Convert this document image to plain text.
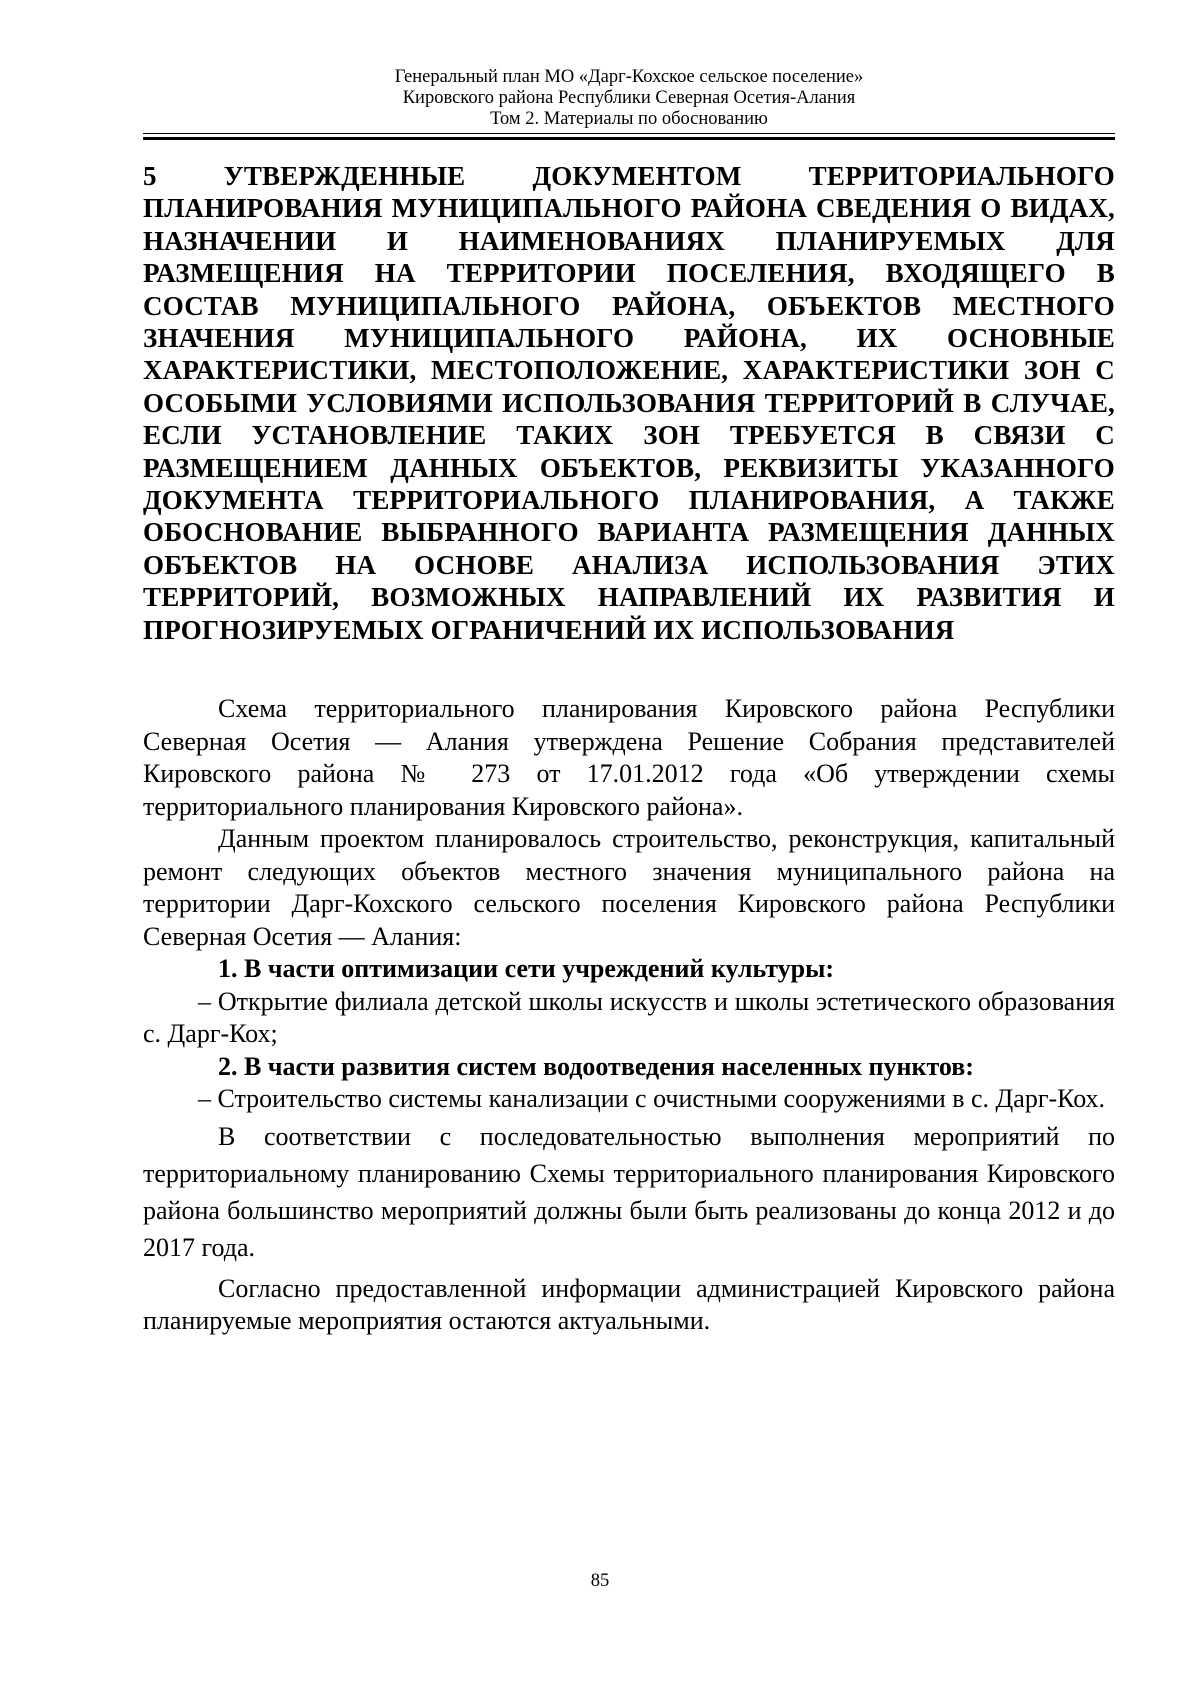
Генеральный план МО «Дарг-Кохское сельское поселение»
Кировского района Республики Северная Осетия-Алания
Том 2. Материалы по обоснованию
5 УТВЕРЖДЕННЫЕ ДОКУМЕНТОМ ТЕРРИТОРИАЛЬНОГО ПЛАНИРОВАНИЯ МУНИЦИПАЛЬНОГО РАЙОНА СВЕДЕНИЯ О ВИДАХ, НАЗНАЧЕНИИ И НАИМЕНОВАНИЯХ ПЛАНИРУЕМЫХ ДЛЯ РАЗМЕЩЕНИЯ НА ТЕРРИТОРИИ ПОСЕЛЕНИЯ, ВХОДЯЩЕГО В СОСТАВ МУНИЦИПАЛЬНОГО РАЙОНА, ОБЪЕКТОВ МЕСТНОГО ЗНАЧЕНИЯ МУНИЦИПАЛЬНОГО РАЙОНА, ИХ ОСНОВНЫЕ ХАРАКТЕРИСТИКИ, МЕСТОПОЛОЖЕНИЕ, ХАРАКТЕРИСТИКИ ЗОН С ОСОБЫМИ УСЛОВИЯМИ ИСПОЛЬЗОВАНИЯ ТЕРРИТОРИЙ В СЛУЧАЕ, ЕСЛИ УСТАНОВЛЕНИЕ ТАКИХ ЗОН ТРЕБУЕТСЯ В СВЯЗИ С РАЗМЕЩЕНИЕМ ДАННЫХ ОБЪЕКТОВ, РЕКВИЗИТЫ УКАЗАННОГО ДОКУМЕНТА ТЕРРИТОРИАЛЬНОГО ПЛАНИРОВАНИЯ, А ТАКЖЕ ОБОСНОВАНИЕ ВЫБРАННОГО ВАРИАНТА РАЗМЕЩЕНИЯ ДАННЫХ ОБЪЕКТОВ НА ОСНОВЕ АНАЛИЗА ИСПОЛЬЗОВАНИЯ ЭТИХ ТЕРРИТОРИЙ, ВОЗМОЖНЫХ НАПРАВЛЕНИЙ ИХ РАЗВИТИЯ И ПРОГНОЗИРУЕМЫХ ОГРАНИЧЕНИЙ ИХ ИСПОЛЬЗОВАНИЯ

Схема территориального планирования Кировского района Республики Северная Осетия — Алания утверждена Решение Собрания представителей Кировского района № 273 от 17.01.2012 года «Об утверждении схемы территориального планирования Кировского района».

Данным проектом планировалось строительство, реконструкция, капитальный ремонт следующих объектов местного значения муниципального района на территории Дарг-Кохского сельского поселения Кировского района Республики Северная Осетия — Алания:

1. В части оптимизации сети учреждений культуры:

– Открытие филиала детской школы искусств и школы эстетического образования с. Дарг-Кох;

2. В части развития систем водоотведения населенных пунктов:

– Строительство системы канализации с очистными сооружениями в с. Дарг-Кох.

В соответствии с последовательностью выполнения мероприятий по территориальному планированию Схемы территориального планирования Кировского района большинство мероприятий должны были быть реализованы до конца 2012 и до 2017 года.

Согласно предоставленной информации администрацией Кировского района планируемые мероприятия остаются актуальными.

85
